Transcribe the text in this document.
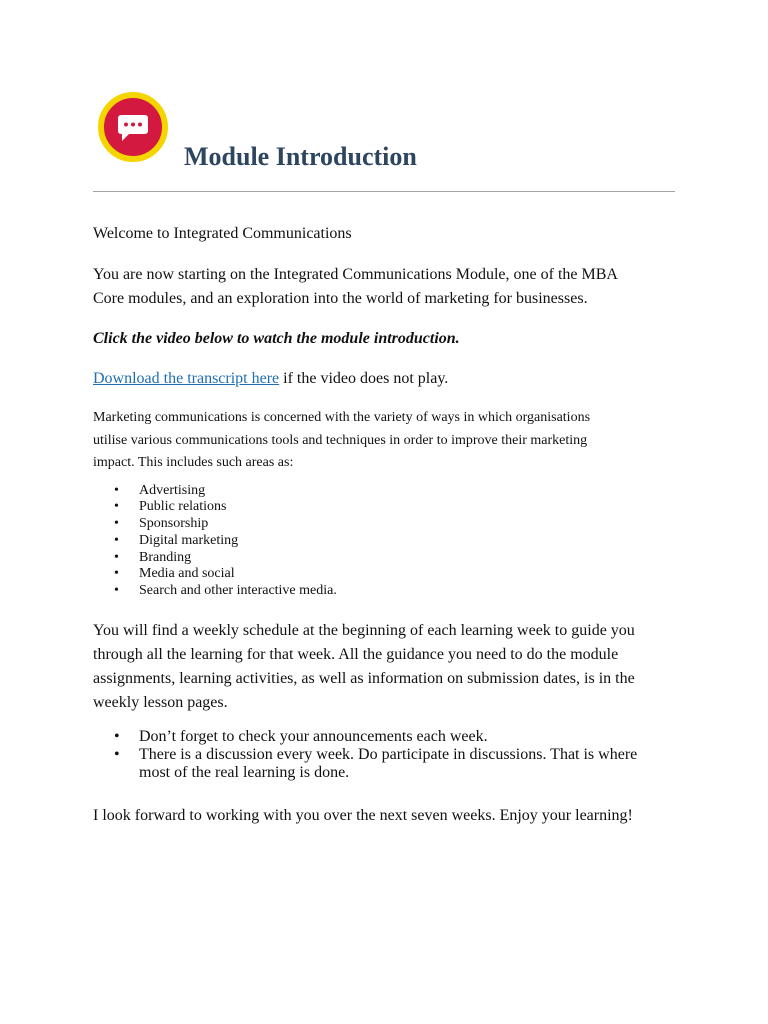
Module Introduction

Welcome to Integrated Communications

You are now starting on the Integrated Communications Module, one of the MBA
Core modules, and an exploration into the world of marketing for businesses.

Click the video below to watch the module introduction.

Download the transcript here if the video does not play.

Marketing communications is concerned with the variety of ways in which organisations
utilise various communications tools and techniques in order to improve their marketing
impact. This includes such areas as:

• Advertising
• Public relations
• Sponsorship
• Digital marketing
• Branding
• Media and social
• Search and other interactive media.

You will find a weekly schedule at the beginning of each learning week to guide you
through all the learning for that week. All the guidance you need to do the module
assignments, learning activities, as well as information on submission dates, is in the
weekly lesson pages.

• Don’t forget to check your announcements each week.
• There is a discussion every week. Do participate in discussions. That is where
most of the real learning is done.

I look forward to working with you over the next seven weeks. Enjoy your learning!
